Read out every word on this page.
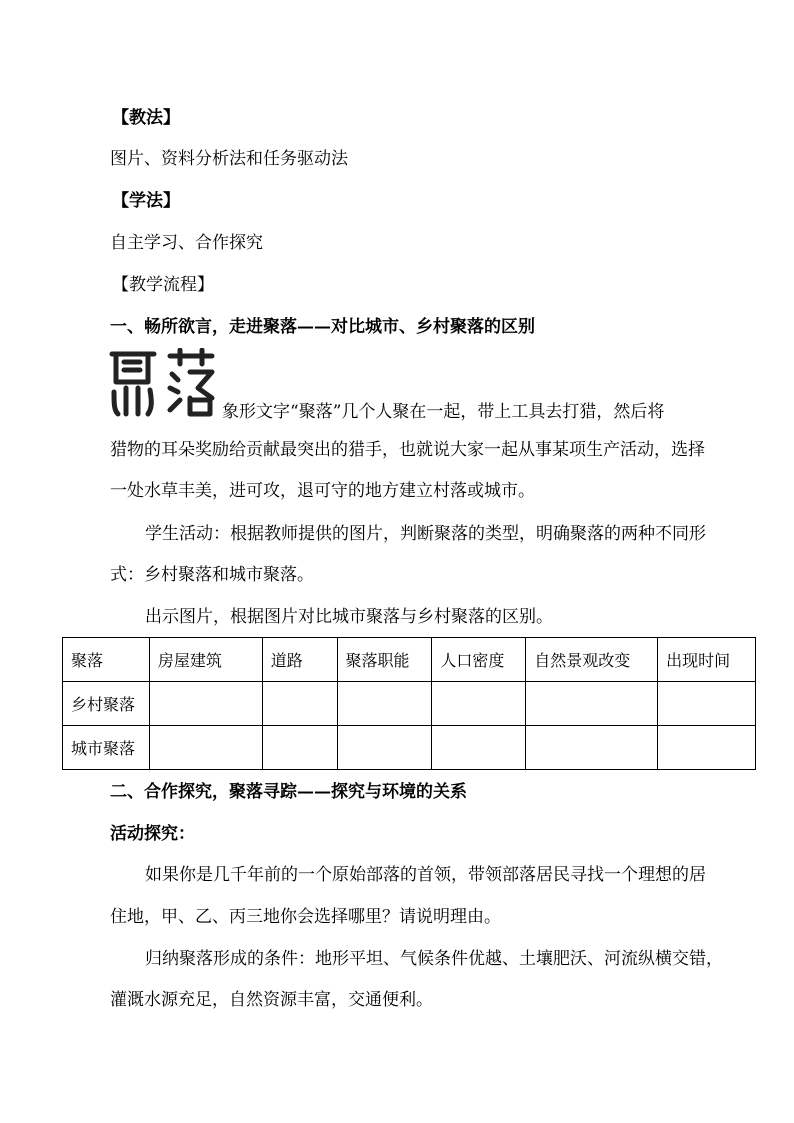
【教法】
图片、资料分析法和任务驱动法
【学法】
自主学习、合作探究
【教学流程】
一、畅所欲言，走进聚落——对比城市、乡村聚落的区别
象形文字“聚落”几个人聚在一起，带上工具去打猎，然后将
猎物的耳朵奖励给贡献最突出的猎手，也就说大家一起从事某项生产活动，选择
一处水草丰美，进可攻，退可守的地方建立村落或城市。
学生活动：根据教师提供的图片，判断聚落的类型，明确聚落的两种不同形
式：乡村聚落和城市聚落。
出示图片，根据图片对比城市聚落与乡村聚落的区别。
聚落	房屋建筑	道路	聚落职能	人口密度	自然景观改变	出现时间
乡村聚落						
城市聚落						
二、合作探究，聚落寻踪——探究与环境的关系
活动探究：
如果你是几千年前的一个原始部落的首领，带领部落居民寻找一个理想的居
住地，甲、乙、丙三地你会选择哪里？请说明理由。
归纳聚落形成的条件：地形平坦、气候条件优越、土壤肥沃、河流纵横交错，
灌溉水源充足，自然资源丰富，交通便利。
